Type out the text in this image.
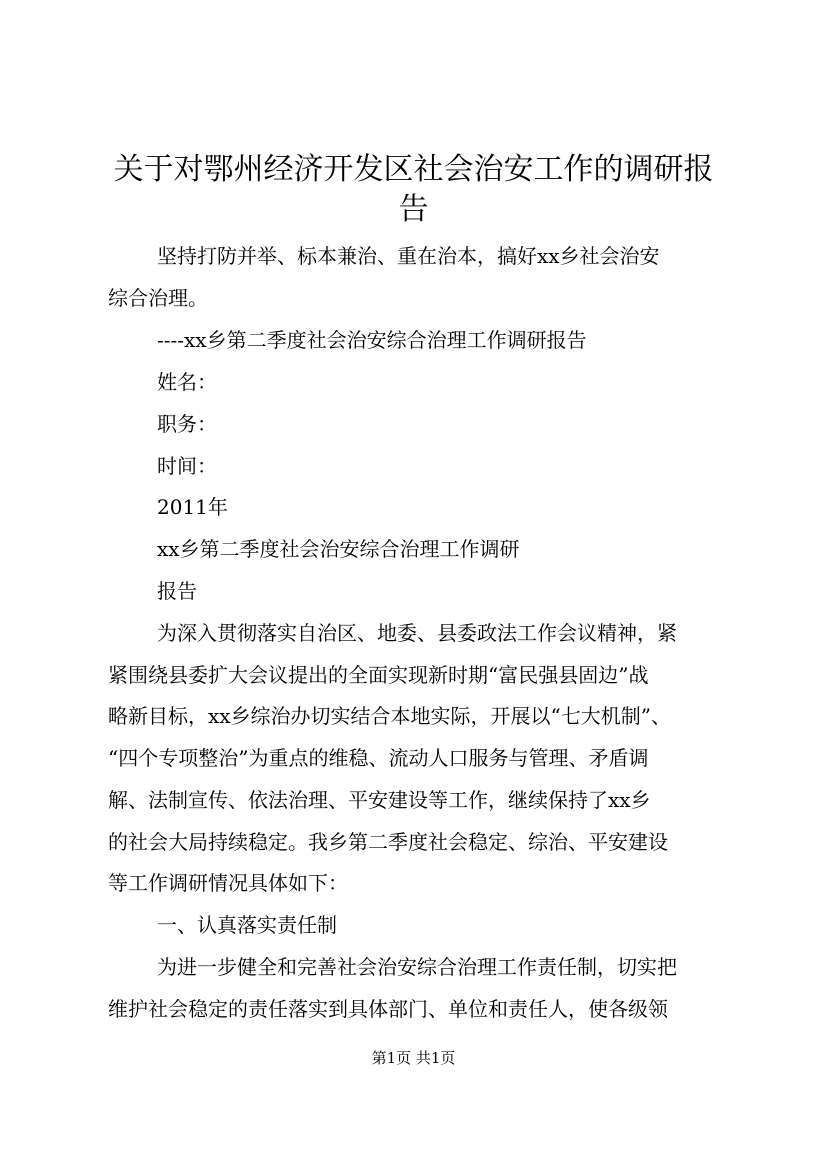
关于对鄂州经济开发区社会治安工作的调研报
告

坚持打防并举、标本兼治、重在治本，搞好xx乡社会治安

综合治理。

----xx乡第二季度社会治安综合治理工作调研报告

姓名：

职务：

时间：

2011年

xx乡第二季度社会治安综合治理工作调研

报告

为深入贯彻落实自治区、地委、县委政法工作会议精神，紧

紧围绕县委扩大会议提出的全面实现新时期“富民强县固边”战

略新目标，xx乡综治办切实结合本地实际，开展以“七大机制”、

“四个专项整治”为重点的维稳、流动人口服务与管理、矛盾调

解、法制宣传、依法治理、平安建设等工作，继续保持了xx乡

的社会大局持续稳定。我乡第二季度社会稳定、综治、平安建设

等工作调研情况具体如下：

一、认真落实责任制

为进一步健全和完善社会治安综合治理工作责任制，切实把

维护社会稳定的责任落实到具体部门、单位和责任人，使各级领

第1页 共1页
